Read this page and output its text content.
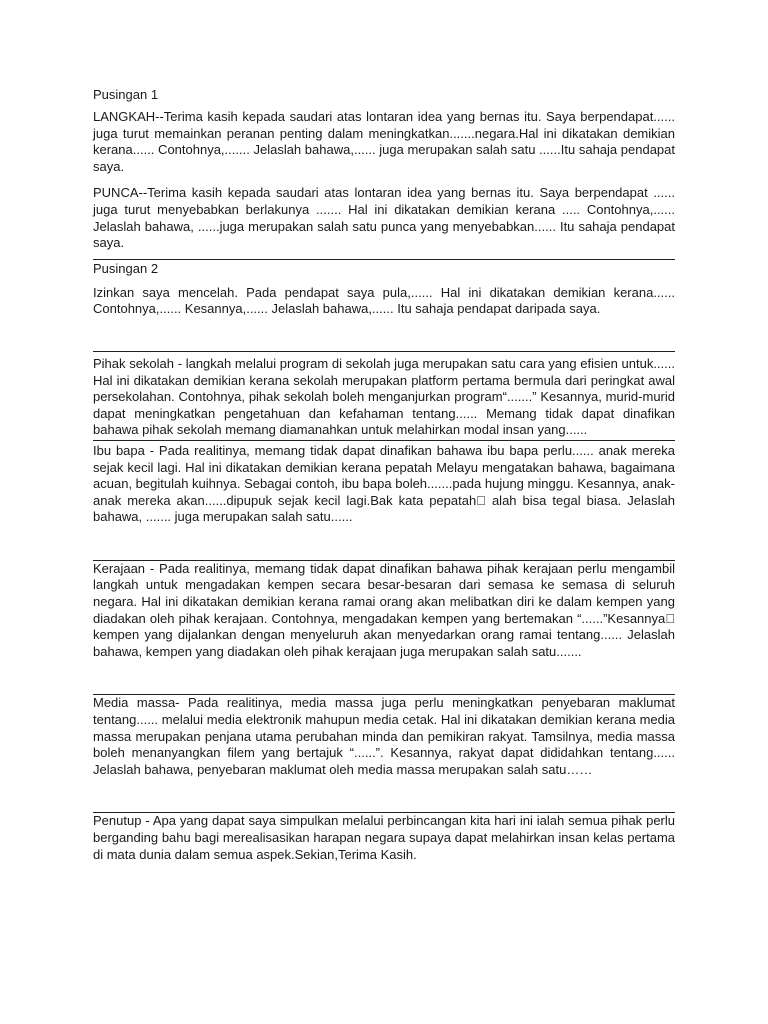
Pusingan 1

LANGKAH--Terima kasih kepada saudari atas lontaran idea yang bernas itu. Saya berpendapat...... juga turut memainkan peranan penting dalam meningkatkan.......negara.Hal ini dikatakan demikian kerana...... Contohnya,....... Jelaslah bahawa,...... juga merupakan salah satu ......Itu sahaja pendapat saya.

PUNCA--Terima kasih kepada saudari atas lontaran idea yang bernas itu. Saya berpendapat ...... juga turut menyebabkan berlakunya ....... Hal ini dikatakan demikian kerana ..... Contohnya,...... Jelaslah bahawa, ......juga merupakan salah satu punca yang menyebabkan...... Itu sahaja pendapat saya.

Pusingan 2

Izinkan saya mencelah. Pada pendapat saya pula,...... Hal ini dikatakan demikian kerana...... Contohnya,...... Kesannya,...... Jelaslah bahawa,...... Itu sahaja pendapat daripada saya.

Pihak sekolah - langkah melalui program di sekolah juga merupakan satu cara yang efisien untuk...... Hal ini dikatakan demikian kerana sekolah merupakan platform pertama bermula dari peringkat awal persekolahan. Contohnya, pihak sekolah boleh menganjurkan program“.......” Kesannya, murid-murid dapat meningkatkan pengetahuan dan kefahaman tentang...... Memang tidak dapat dinafikan bahawa pihak sekolah memang diamanahkan untuk melahirkan modal insan yang......

Ibu bapa - Pada realitinya, memang tidak dapat dinafikan bahawa ibu bapa perlu...... anak mereka sejak kecil lagi. Hal ini dikatakan demikian kerana pepatah Melayu mengatakan bahawa, bagaimana acuan, begitulah kuihnya. Sebagai contoh, ibu bapa boleh.......pada hujung minggu. Kesannya, anak-anak mereka akan......dipupuk sejak kecil lagi.Bak kata pepatah alah bisa tegal biasa. Jelaslah bahawa, ....... juga merupakan salah satu......

Kerajaan - Pada realitinya, memang tidak dapat dinafikan bahawa pihak kerajaan perlu mengambil langkah untuk mengadakan kempen secara besar-besaran dari semasa ke semasa di seluruh negara. Hal ini dikatakan demikian kerana ramai orang akan melibatkan diri ke dalam kempen yang diadakan oleh pihak kerajaan. Contohnya, mengadakan kempen yang bertemakan “......”Kesannya kempen yang dijalankan dengan menyeluruh akan menyedarkan orang ramai tentang...... Jelaslah bahawa, kempen yang diadakan oleh pihak kerajaan juga merupakan salah satu.......

Media massa- Pada realitinya, media massa juga perlu meningkatkan penyebaran maklumat tentang...... melalui media elektronik mahupun media cetak. Hal ini dikatakan demikian kerana media massa merupakan penjana utama perubahan minda dan pemikiran rakyat. Tamsilnya, media massa boleh menanyangkan filem yang bertajuk “......”. Kesannya, rakyat dapat dididahkan tentang...... Jelaslah bahawa, penyebaran maklumat oleh media massa merupakan salah satu……

Penutup - Apa yang dapat saya simpulkan melalui perbincangan kita hari ini ialah semua pihak perlu berganding bahu bagi merealisasikan harapan negara supaya dapat melahirkan insan kelas pertama di mata dunia dalam semua aspek.Sekian,Terima Kasih.
